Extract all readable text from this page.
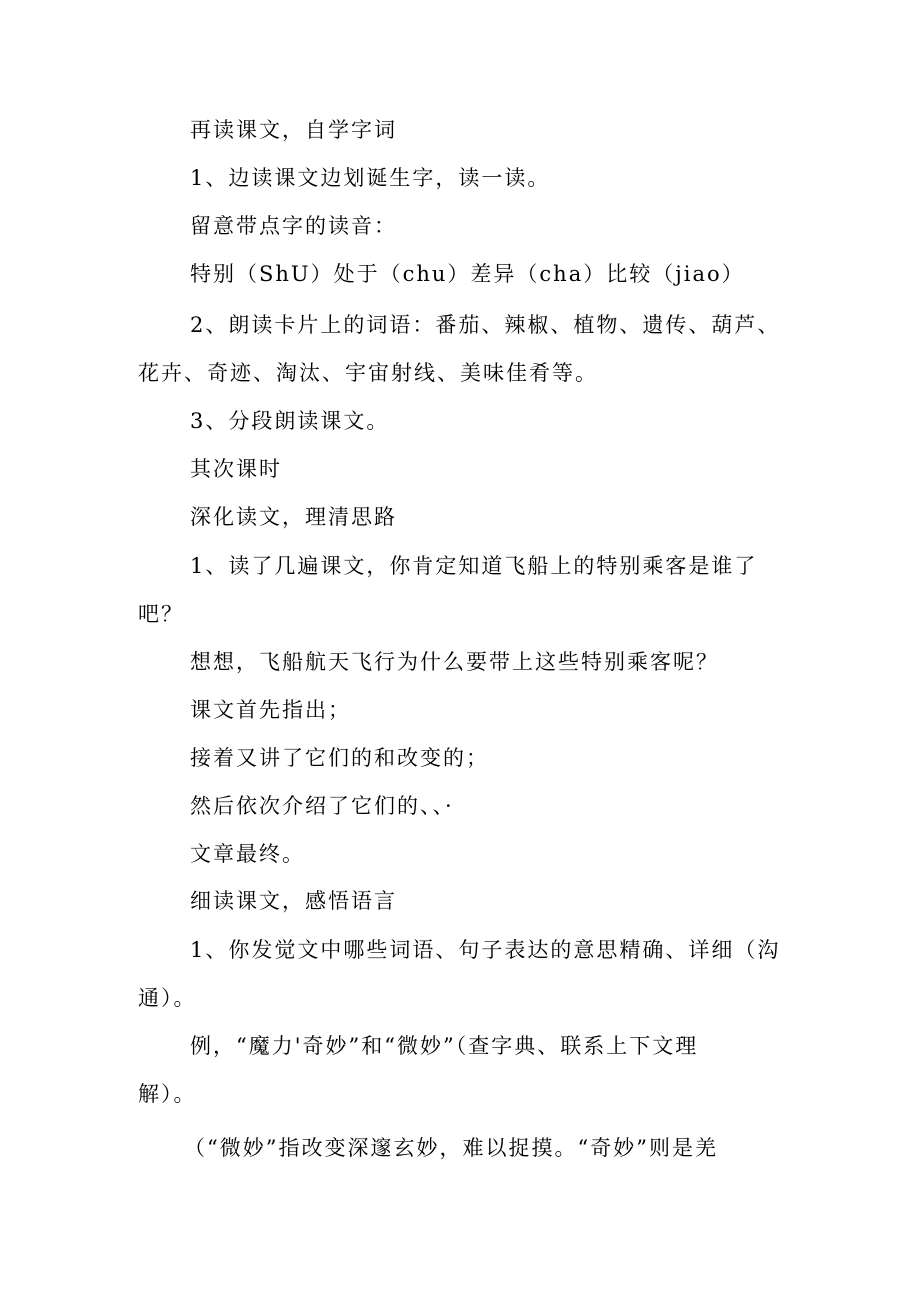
再读课文，自学字词
1、边读课文边划诞生字，读一读。
留意带点字的读音：
特别（ShU）处于（chu）差异（cha）比较（jiao）
2、朗读卡片上的词语：番茄、辣椒、植物、遗传、葫芦、
花卉、奇迹、淘汰、宇宙射线、美味佳肴等。
3、分段朗读课文。
其次课时
深化读文，理清思路
1、读了几遍课文，你肯定知道飞船上的特别乘客是谁了
吧？
想想，飞船航天飞行为什么要带上这些特别乘客呢？
课文首先指出；
接着又讲了它们的和改变的；
然后依次介绍了它们的、、·
文章最终。
细读课文，感悟语言
1、你发觉文中哪些词语、句子表达的意思精确、详细（沟
通）。
例，“魔力'奇妙”和“微妙”（查字典、联系上下文理
解）。
（“微妙”指改变深邃玄妙，难以捉摸。“奇妙”则是羌
